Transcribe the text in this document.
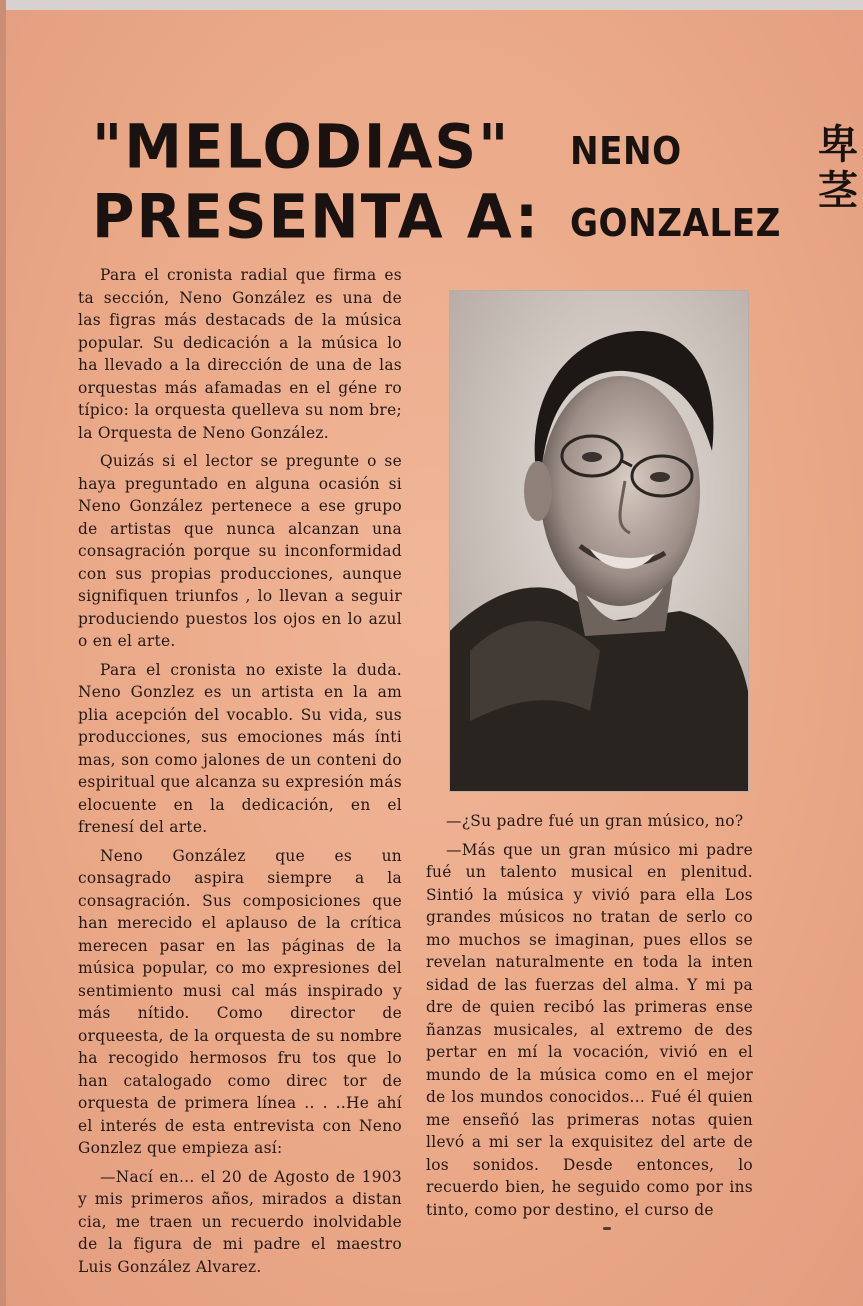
"MELODIAS"
PRESENTA A:
NENO
GONZALEZ
卑茎

Para el cronista radial que firma es ta sección, Neno González es una de las figras más destacads de la música popular. Su dedicación a la música lo ha llevado a la dirección de una de las orquestas más afamadas en el géne ro típico: la orquesta quelleva su nom bre; la Orquesta de Neno González.

Quizás si el lector se pregunte o se haya preguntado en alguna ocasión si Neno González pertenece a ese grupo de artistas que nunca alcanzan una consagración porque su inconformidad con sus propias producciones, aunque signifiquen triunfos , lo llevan a seguir produciendo puestos los ojos en lo azul o en el arte.

Para el cronista no existe la duda. Neno Gonzlez es un artista en la am plia acepción del vocablo. Su vida, sus producciones, sus emociones más ínti mas, son como jalones de un conteni do espiritual que alcanza su expresión más elocuente en la dedicación, en el frenesí del arte.

Neno González que es un consagrado aspira siempre a la consagración. Sus composiciones que han merecido el aplauso de la crítica merecen pasar en las páginas de la música popular, co mo expresiones del sentimiento musi cal más inspirado y más nítido. Como director de orqueesta, de la orquesta de su nombre ha recogido hermosos fru tos que lo han catalogado como direc tor de orquesta de primera línea .. . ..He ahí el interés de esta entrevista con Neno Gonzlez que empieza así:

—Nací en... el 20 de Agosto de 1903 y mis primeros años, mirados a distan cia, me traen un recuerdo inolvidable de la figura de mi padre el maestro Luis González Alvarez.

—¿Su padre fué un gran músico, no?

—Más que un gran músico mi padre fué un talento musical en plenitud. Sintió la música y vivió para ella Los grandes músicos no tratan de serlo co mo muchos se imaginan, pues ellos se revelan naturalmente en toda la inten sidad de las fuerzas del alma. Y mi pa dre de quien recibó las primeras ense ñanzas musicales, al extremo de des pertar en mí la vocación, vivió en el mundo de la música como en el mejor de los mundos conocidos... Fué él quien me enseñó las primeras notas quien llevó a mi ser la exquisitez del arte de los sonidos. Desde entonces, lo recuerdo bien, he seguido como por ins tinto, como por destino, el curso de
